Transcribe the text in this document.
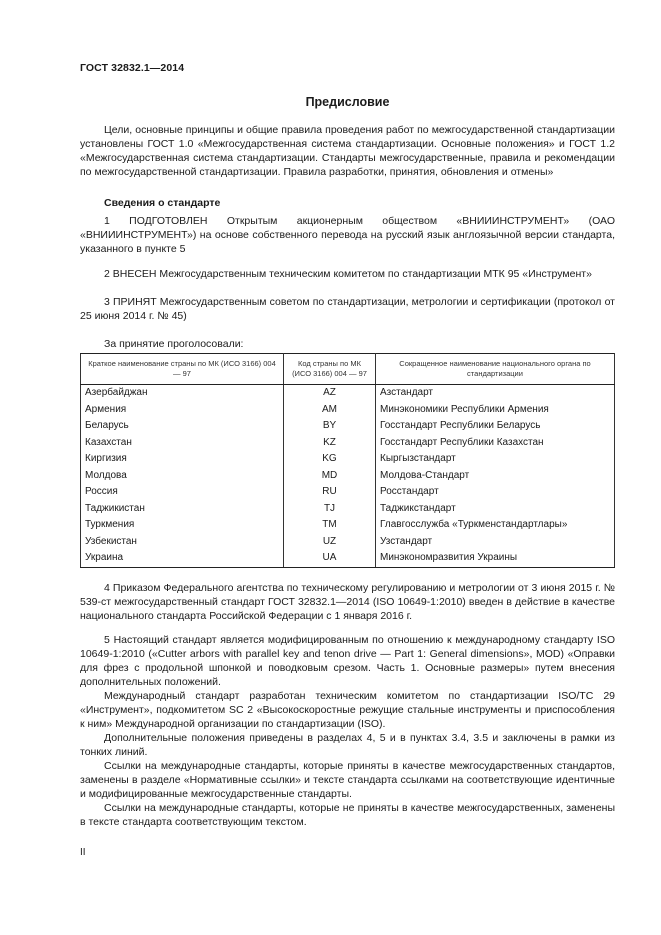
ГОСТ 32832.1—2014
Предисловие

Цели, основные принципы и общие правила проведения работ по межгосударственной стандартизации установлены ГОСТ 1.0 «Межгосударственная система стандартизации. Основные положения» и ГОСТ 1.2 «Межгосударственная система стандартизации. Стандарты межгосударственные, правила и рекомендации по межгосударственной стандартизации. Правила разработки, принятия, обновления и отмены»

Сведения о стандарте

1 ПОДГОТОВЛЕН Открытым акционерным обществом «ВНИИИНСТРУМЕНТ» (ОАО «ВНИИИНСТРУМЕНТ») на основе собственного перевода на русский язык англоязычной версии стандарта, указанного в пункте 5

2 ВНЕСЕН Межгосударственным техническим комитетом по стандартизации МТК 95 «Инструмент»

3 ПРИНЯТ Межгосударственным советом по стандартизации, метрологии и сертификации (протокол от 25 июня 2014 г. № 45)

За принятие проголосовали:
Краткое наименование страны по МК (ИСО 3166) 004 — 97	Код страны по МК (ИСО 3166) 004 — 97	Сокращенное наименование национального органа по стандартизации
Азербайджан	AZ	Азстандарт
Армения	AM	Минэкономики Республики Армения
Беларусь	BY	Госстандарт Республики Беларусь
Казахстан	KZ	Госстандарт Республики Казахстан
Киргизия	KG	Кыргызстандарт
Молдова	MD	Молдова-Стандарт
Россия	RU	Росстандарт
Таджикистан	TJ	Таджикстандарт
Туркмения	TM	Главгосслужба «Туркменстандартлары»
Узбекистан	UZ	Узстандарт
Украина	UA	Минэкономразвития Украины

4 Приказом Федерального агентства по техническому регулированию и метрологии от 3 июня 2015 г. № 539-ст межгосударственный стандарт ГОСТ 32832.1—2014 (ISO 10649-1:2010) введен в действие в качестве национального стандарта Российской Федерации с 1 января 2016 г.

5 Настоящий стандарт является модифицированным по отношению к международному стандарту ISO 10649-1:2010 («Cutter arbors with parallel key and tenon drive — Part 1: General dimensions», MOD) «Оправки для фрез с продольной шпонкой и поводковым срезом. Часть 1. Основные размеры» путем внесения дополнительных положений.

Международный стандарт разработан техническим комитетом по стандартизации ISO/TC 29 «Инструмент», подкомитетом SC 2 «Высокоскоростные режущие стальные инструменты и приспособления к ним» Международной организации по стандартизации (ISO).

Дополнительные положения приведены в разделах 4, 5 и в пунктах 3.4, 3.5 и заключены в рамки из тонких линий.

Ссылки на международные стандарты, которые приняты в качестве межгосударственных стандартов, заменены в разделе «Нормативные ссылки» и тексте стандарта ссылками на соответствующие идентичные и модифицированные межгосударственные стандарты.

Ссылки на международные стандарты, которые не приняты в качестве межгосударственных, заменены в тексте стандарта соответствующим текстом.

II
